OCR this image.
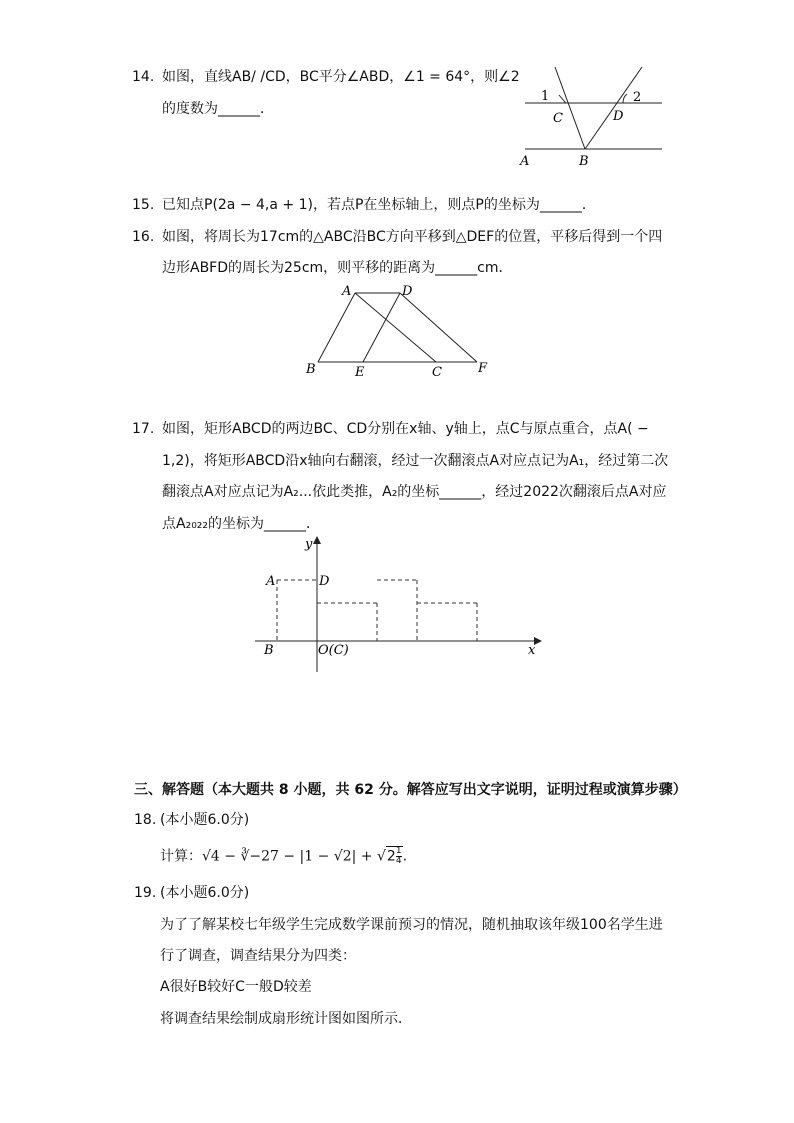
14. 如图，直线AB/ /CD，BC平分∠ABD，∠1 = 64°，则∠2
的度数为______．
1	2
C	D
A	B
15. 已知点P(2a − 4,a + 1)，若点P在坐标轴上，则点P的坐标为______．
16. 如图，将周长为17cm的△ABC沿BC方向平移到△DEF的位置，平移后得到一个四
边形ABFD的周长为25cm，则平移的距离为______cm．
A	D
B	E	C	F
17. 如图，矩形ABCD的两边BC、CD分别在x轴、y轴上，点C与原点重合，点A( −
1,2)，将矩形ABCD沿x轴向右翻滚，经过一次翻滚点A对应点记为A₁，经过第二次
翻滚点A对应点记为A₂...依此类推，A₂的坐标______，经过2022次翻滚后点A对应
点A₂₀₂₂的坐标为______．
y
A	D
B	O(C)	x
三、解答题（本大题共 8 小题，共 62 分。解答应写出文字说明，证明过程或演算步骤）
18. (本小题6.0分)
计算：√4 − ∛−27 − $|1 - √2| + √2 \frac{1}{4}$ .
19. (本小题6.0分)
为了了解某校七年级学生完成数学课前预习的情况，随机抽取该年级100名学生进
行了调查，调查结果分为四类：
A很好B较好C一般D较差
将调查结果绘制成扇形统计图如图所示．
